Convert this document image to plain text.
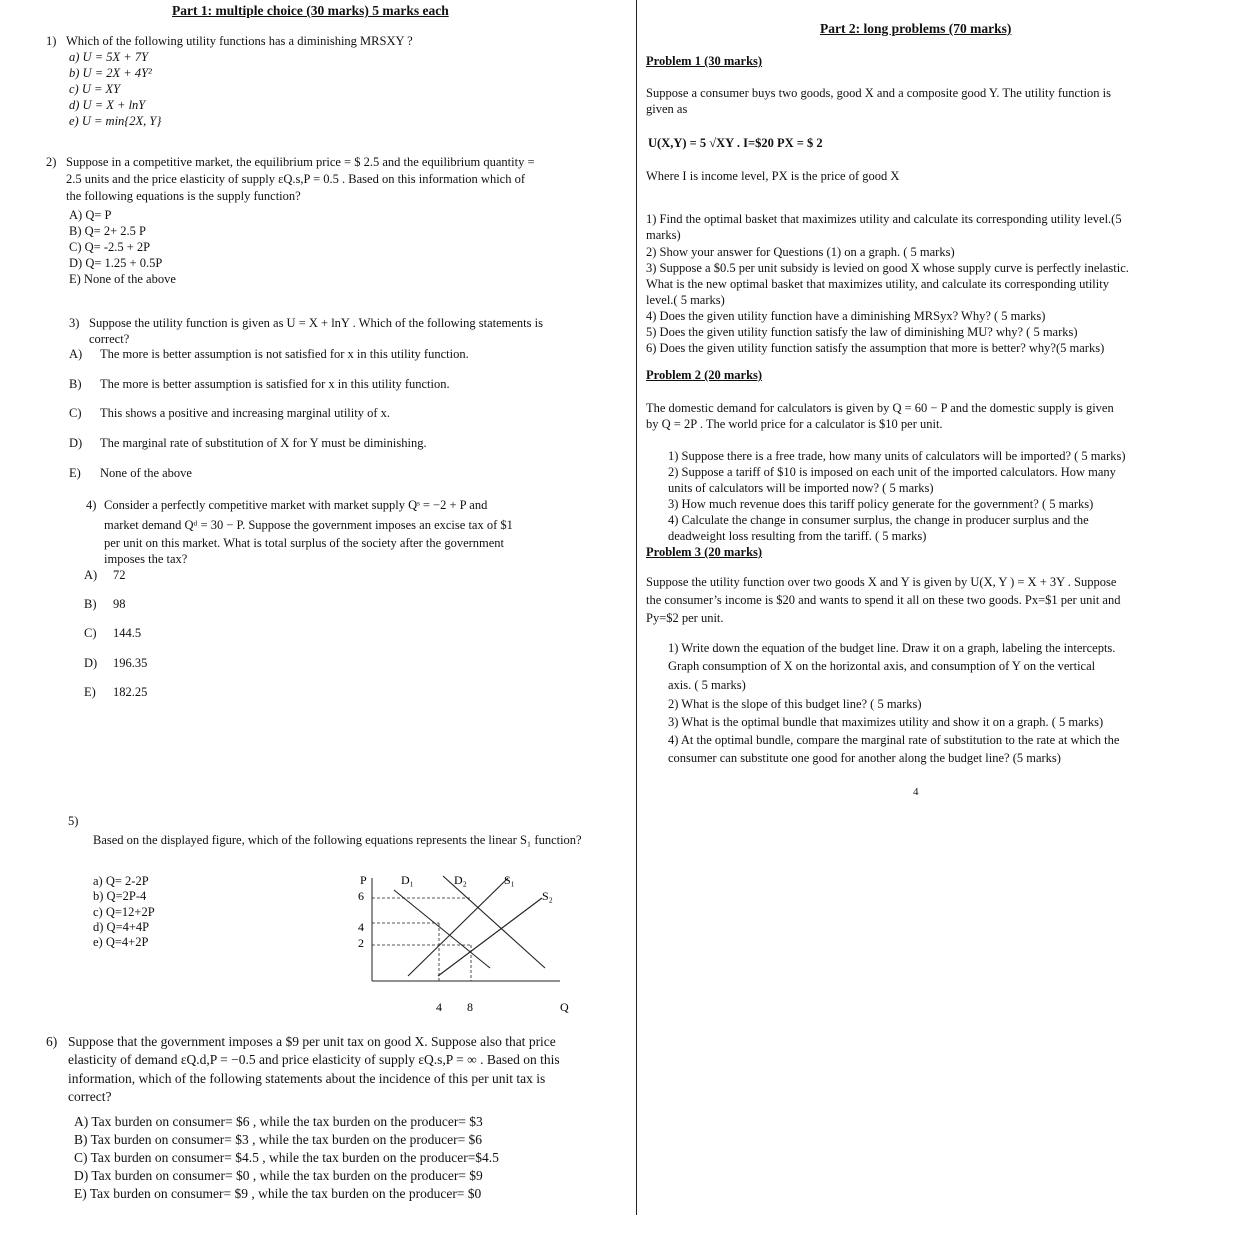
Part 1: multiple choice (30 marks) 5 marks each
1) Which of the following utility functions has a diminishing MRSXY ?
a) U = 5X + 7Y
b) U = 2X + 4Y²
c) U = XY
d) U = X + lnY
e) U = min{2X, Y}
2) Suppose in a competitive market, the equilibrium price = $ 2.5 and the equilibrium quantity =
2.5 units and the price elasticity of supply εQ.s,P = 0.5 . Based on this information which of
the following equations is the supply function?
A) Q= P
B) Q= 2+ 2.5 P
C) Q= -2.5 + 2P
D) Q= 1.25 + 0.5P
E) None of the above
3) Suppose the utility function is given as U = X + lnY . Which of the following statements is
correct?
A) The more is better assumption is not satisfied for x in this utility function.
B) The more is better assumption is satisfied for x in this utility function.
C) This shows a positive and increasing marginal utility of x.
D) The marginal rate of substitution of X for Y must be diminishing.
E) None of the above
4) Consider a perfectly competitive market with market supply Qˢ = −2 + P and
market demand Qᵈ = 30 − P. Suppose the government imposes an excise tax of $1
per unit on this market. What is total surplus of the society after the government
imposes the tax?
A) 72
B) 98
C) 144.5
D) 196.35
E) 182.25
5)
Based on the displayed figure, which of the following equations represents the linear S₁ function?
a) Q= 2-2P
b) Q=2P-4
c) Q=12+2P
d) Q=4+4P
e) Q=4+2P
P
6
4
2
D₁	D₂	S₁
S₂
4 8	Q
6) Suppose that the government imposes a $9 per unit tax on good X. Suppose also that price
elasticity of demand εQ.d,P = −0.5 and price elasticity of supply εQ.s,P = ∞ . Based on this
information, which of the following statements about the incidence of this per unit tax is
correct?
A) Tax burden on consumer= $6 , while the tax burden on the producer= $3
B) Tax burden on consumer= $3 , while the tax burden on the producer= $6
C) Tax burden on consumer= $4.5 , while the tax burden on the producer=$4.5
D) Tax burden on consumer= $0 , while the tax burden on the producer= $9
E) Tax burden on consumer= $9 , while the tax burden on the producer= $0
Part 2: long problems (70 marks)
Problem 1 (30 marks)
Suppose a consumer buys two goods, good X and a composite good Y. The utility function is
given as
U(X,Y) = 5 √XY . I=$20 PX = $ 2
Where I is income level, PX is the price of good X
1) Find the optimal basket that maximizes utility and calculate its corresponding utility level.(5
marks)
2) Show your answer for Questions (1) on a graph. ( 5 marks)
3) Suppose a $0.5 per unit subsidy is levied on good X whose supply curve is perfectly inelastic.
What is the new optimal basket that maximizes utility, and calculate its corresponding utility
level.( 5 marks)
4) Does the given utility function have a diminishing MRSyx? Why? ( 5 marks)
5) Does the given utility function satisfy the law of diminishing MU? why? ( 5 marks)
6) Does the given utility function satisfy the assumption that more is better? why?(5 marks)
Problem 2 (20 marks)
The domestic demand for calculators is given by Q = 60 − P and the domestic supply is given
by Q = 2P . The world price for a calculator is $10 per unit.
1) Suppose there is a free trade, how many units of calculators will be imported? ( 5 marks)
2) Suppose a tariff of $10 is imposed on each unit of the imported calculators. How many
units of calculators will be imported now? ( 5 marks)
3) How much revenue does this tariff policy generate for the government? ( 5 marks)
4) Calculate the change in consumer surplus, the change in producer surplus and the
deadweight loss resulting from the tariff. ( 5 marks)
Problem 3 (20 marks)
Suppose the utility function over two goods X and Y is given by U(X, Y ) = X + 3Y . Suppose
the consumer’s income is $20 and wants to spend it all on these two goods. Px=$1 per unit and
Py=$2 per unit.
1) Write down the equation of the budget line. Draw it on a graph, labeling the intercepts.
Graph consumption of X on the horizontal axis, and consumption of Y on the vertical
axis. ( 5 marks)
2) What is the slope of this budget line? ( 5 marks)
3) What is the optimal bundle that maximizes utility and show it on a graph. ( 5 marks)
4) At the optimal bundle, compare the marginal rate of substitution to the rate at which the
consumer can substitute one good for another along the budget line? (5 marks)
4
